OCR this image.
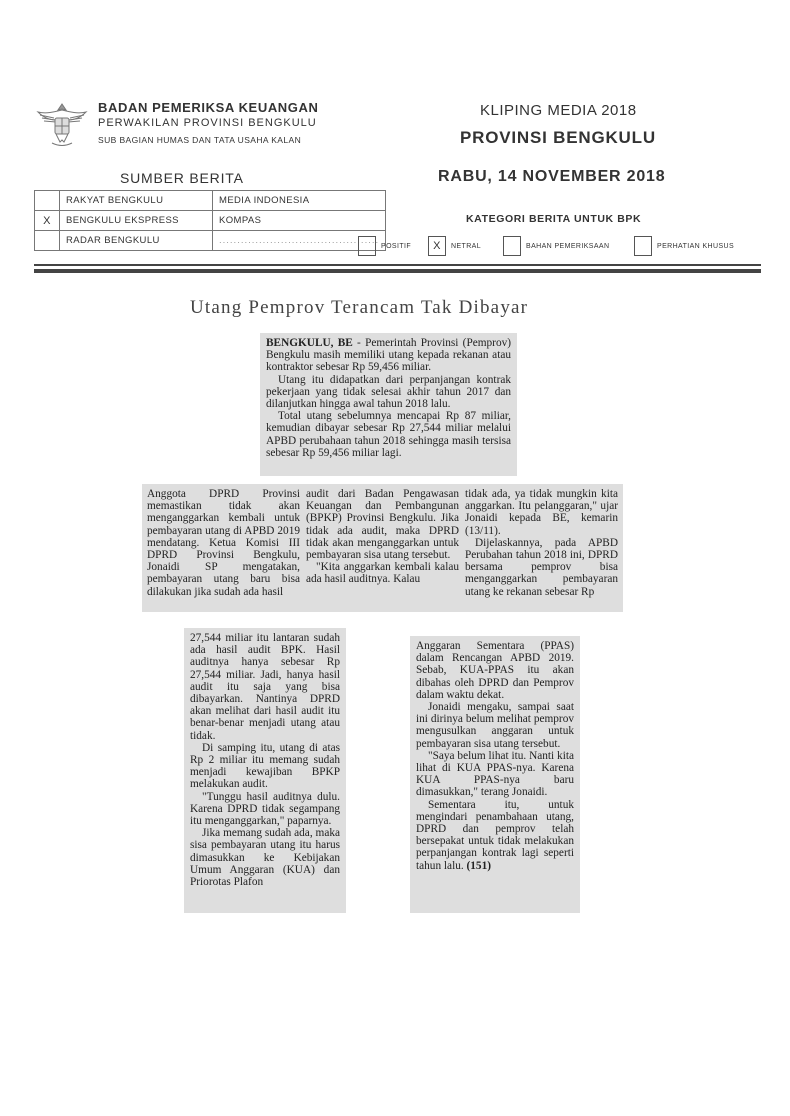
BADAN PEMERIKSA KEUANGAN
PERWAKILAN PROVINSI BENGKULU
SUB BAGIAN HUMAS DAN TATA USAHA KALAN
KLIPING MEDIA 2018
PROVINSI BENGKULU
SUMBER BERITA	RABU, 14 NOVEMBER 2018
	RAKYAT BENGKULU	MEDIA INDONESIA
X	BENGKULU EKSPRESS	KOMPAS
	RADAR BENGKULU	............................................
KATEGORI BERITA UNTUK BPK
POSITIF	X	NETRAL	BAHAN PEMERIKSAAN	PERHATIAN KHUSUS
Utang Pemprov Terancam Tak Dibayar

BENGKULU, BE - Pemerintah Provinsi (Pemprov) Bengkulu masih memiliki utang kepada rekanan atau kontraktor sebesar Rp 59,456 miliar.

Utang itu didapatkan dari perpanjangan kontrak pekerjaan yang tidak selesai akhir tahun 2017 dan dilanjutkan hingga awal tahun 2018 lalu.

Total utang sebelumnya mencapai Rp 87 miliar, kemudian dibayar sebesar Rp 27,544 miliar melalui APBD perubahaan tahun 2018 sehingga masih tersisa sebesar Rp 59,456 miliar lagi.

Anggota DPRD Provinsi memastikan tidak akan menganggarkan kembali untuk pembayaran utang di APBD 2019 mendatang. Ketua Komisi III DPRD Provinsi Bengkulu, Jonaidi SP mengatakan, pembayaran utang baru bisa dilakukan jika sudah ada hasil

audit dari Badan Pengawasan Keuangan dan Pembangunan (BPKP) Provinsi Bengkulu. Jika tidak ada audit, maka DPRD tidak akan menganggarkan untuk pembayaran sisa utang tersebut.

"Kita anggarkan kembali kalau ada hasil auditnya. Kalau

tidak ada, ya tidak mungkin kita anggarkan. Itu pelanggaran," ujar Jonaidi kepada BE, kemarin (13/11).

Dijelaskannya, pada APBD Perubahan tahun 2018 ini, DPRD bersama pemprov bisa menganggarkan pembayaran utang ke rekanan sebesar Rp

27,544 miliar itu lantaran sudah ada hasil audit BPK. Hasil auditnya hanya sebesar Rp 27,544 miliar. Jadi, hanya hasil audit itu saja yang bisa dibayarkan. Nantinya DPRD akan melihat dari hasil audit itu benar-benar menjadi utang atau tidak.

Di samping itu, utang di atas Rp 2 miliar itu memang sudah menjadi kewajiban BPKP melakukan audit.

"Tunggu hasil auditnya dulu. Karena DPRD tidak segampang itu menganggarkan," paparnya.

Jika memang sudah ada, maka sisa pembayaran utang itu harus dimasukkan ke Kebijakan Umum Anggaran (KUA) dan Priorotas Plafon

Anggaran Sementara (PPAS) dalam Rencangan APBD 2019. Sebab, KUA-PPAS itu akan dibahas oleh DPRD dan Pemprov dalam waktu dekat.

Jonaidi mengaku, sampai saat ini dirinya belum melihat pemprov mengusulkan anggaran untuk pembayaran sisa utang tersebut.

"Saya belum lihat itu. Nanti kita lihat di KUA PPAS-nya. Karena KUA PPAS-nya baru dimasukkan," terang Jonaidi.

Sementara itu, untuk mengindari penambahaan utang, DPRD dan pemprov telah bersepakat untuk tidak melakukan perpanjangan kontrak lagi seperti tahun lalu. (151)
